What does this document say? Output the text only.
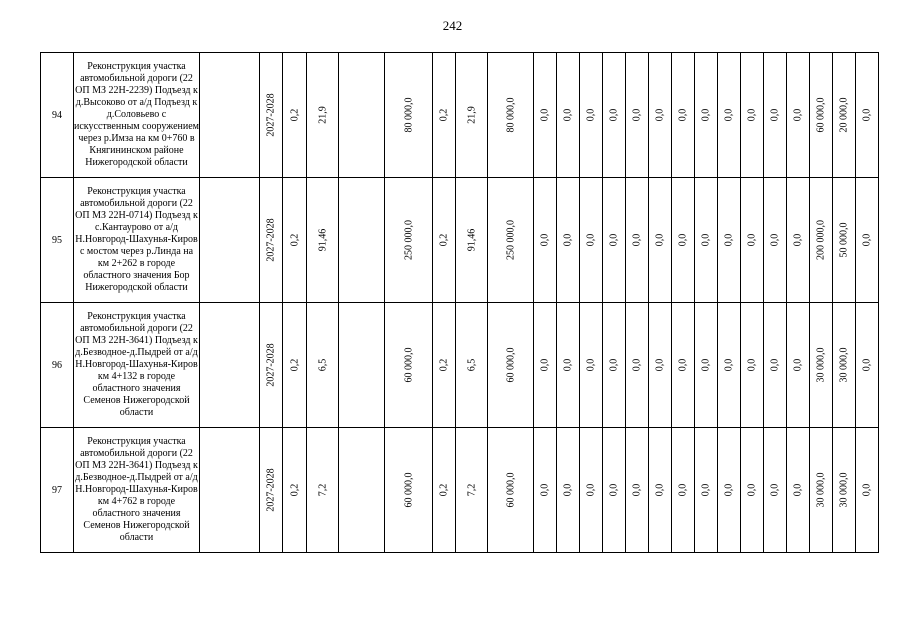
242
94	Реконструкция участка автомобильной дороги (22 ОП МЗ 22Н-2239) Подъезд к д.Высоково от а/д Подъезд к д.Соловьево с искусственным сооружением через р.Имза на км 0+760 в Княгининском районе Нижегородской области		2027-2028	0,2	21,9		80 000,0	0,2	21,9	80 000,0	0,0	0,0	0,0	0,0	0,0	0,0	0,0	0,0	0,0	0,0	0,0	0,0	60 000,0	20 000,0	0,0

95	Реконструкция участка автомобильной дороги (22 ОП МЗ 22Н-0714) Подъезд к с.Кантаурово от а/д Н.Новгород-Шахунья-Киров с мостом через р.Линда на км 2+262 в городе областного значения Бор Нижегородской области		2027-2028	0,2	91,46		250 000,0	0,2	91,46	250 000,0	0,0	0,0	0,0	0,0	0,0	0,0	0,0	0,0	0,0	0,0	0,0	0,0	200 000,0	50 000,0	0,0

96	Реконструкция участка автомобильной дороги (22 ОП МЗ 22Н-3641) Подъезд к д.Безводное-д.Пыдрей от а/д Н.Новгород-Шахунья-Киров км 4+132 в городе областного значения Семенов Нижегородской области		2027-2028	0,2	6,5		60 000,0	0,2	6,5	60 000,0	0,0	0,0	0,0	0,0	0,0	0,0	0,0	0,0	0,0	0,0	0,0	0,0	30 000,0	30 000,0	0,0

97	Реконструкция участка автомобильной дороги (22 ОП МЗ 22Н-3641) Подъезд к д.Безводное-д.Пыдрей от а/д Н.Новгород-Шахунья-Киров км 4+762 в городе областного значения Семенов Нижегородской области		2027-2028	0,2	7,2		60 000,0	0,2	7,2	60 000,0	0,0	0,0	0,0	0,0	0,0	0,0	0,0	0,0	0,0	0,0	0,0	0,0	30 000,0	30 000,0	0,0
